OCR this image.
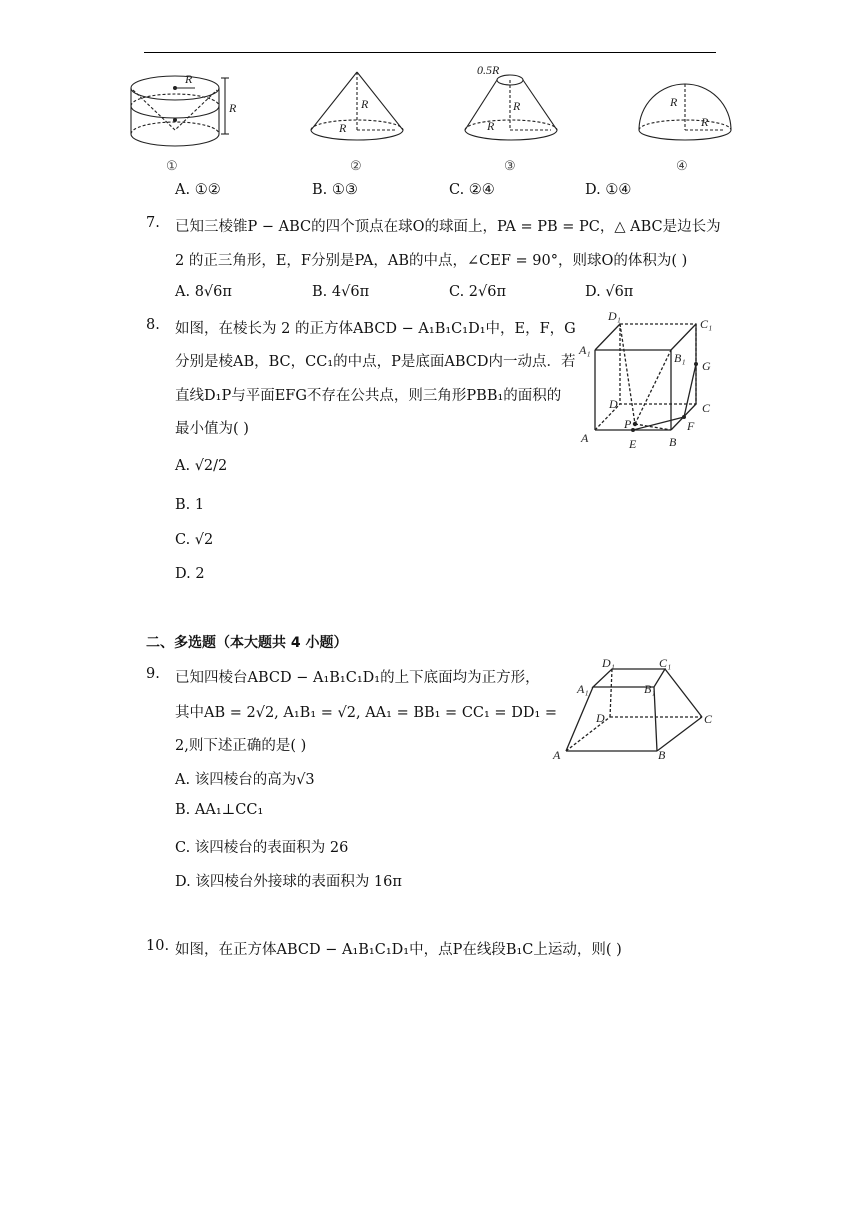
R
R	R
R
0.5R
R
R
R
R
①	②	③	④
A. ①②	B. ①③	C. ②④	D. ①④
7. 已知三棱锥P − ABC的四个顶点在球O的球面上，PA = PB = PC，△ ABC是边长为
2 的正三角形，E，F分别是PA，AB的中点，∠CEF = 90°，则球O的体积为( )
A. 8√6π	B. 4√6π	C. 2√6π	D. √6π
8. 如图，在棱长为 2 的正方体ABCD − A₁B₁C₁D₁中，E，F，G
分别是棱AB，BC，CC₁的中点，P是底面ABCD内一动点．若
直线D₁P与平面EFG不存在公共点，则三角形PBB₁的面积的
最小值为( )
A. √2/2
B. 1
C. √2
D. 2
D₁
C₁
A₁
B₁
G
D	C
P	F
A	E	B
二、多选题（本大题共 4 小题）
9. 已知四棱台ABCD − A₁B₁C₁D₁的上下底面均为正方形，
其中AB = 2√2, A₁B₁ = √2, AA₁ = BB₁ = CC₁ = DD₁ =
2,则下述正确的是( )
A. 该四棱台的高为√3
B. AA₁⊥CC₁
C. 该四棱台的表面积为 26
D. 该四棱台外接球的表面积为 16π
D₁	C₁
A₁	B₁
D	C
A	B
10. 如图，在正方体ABCD − A₁B₁C₁D₁中，点P在线段B₁C上运动，则( )
